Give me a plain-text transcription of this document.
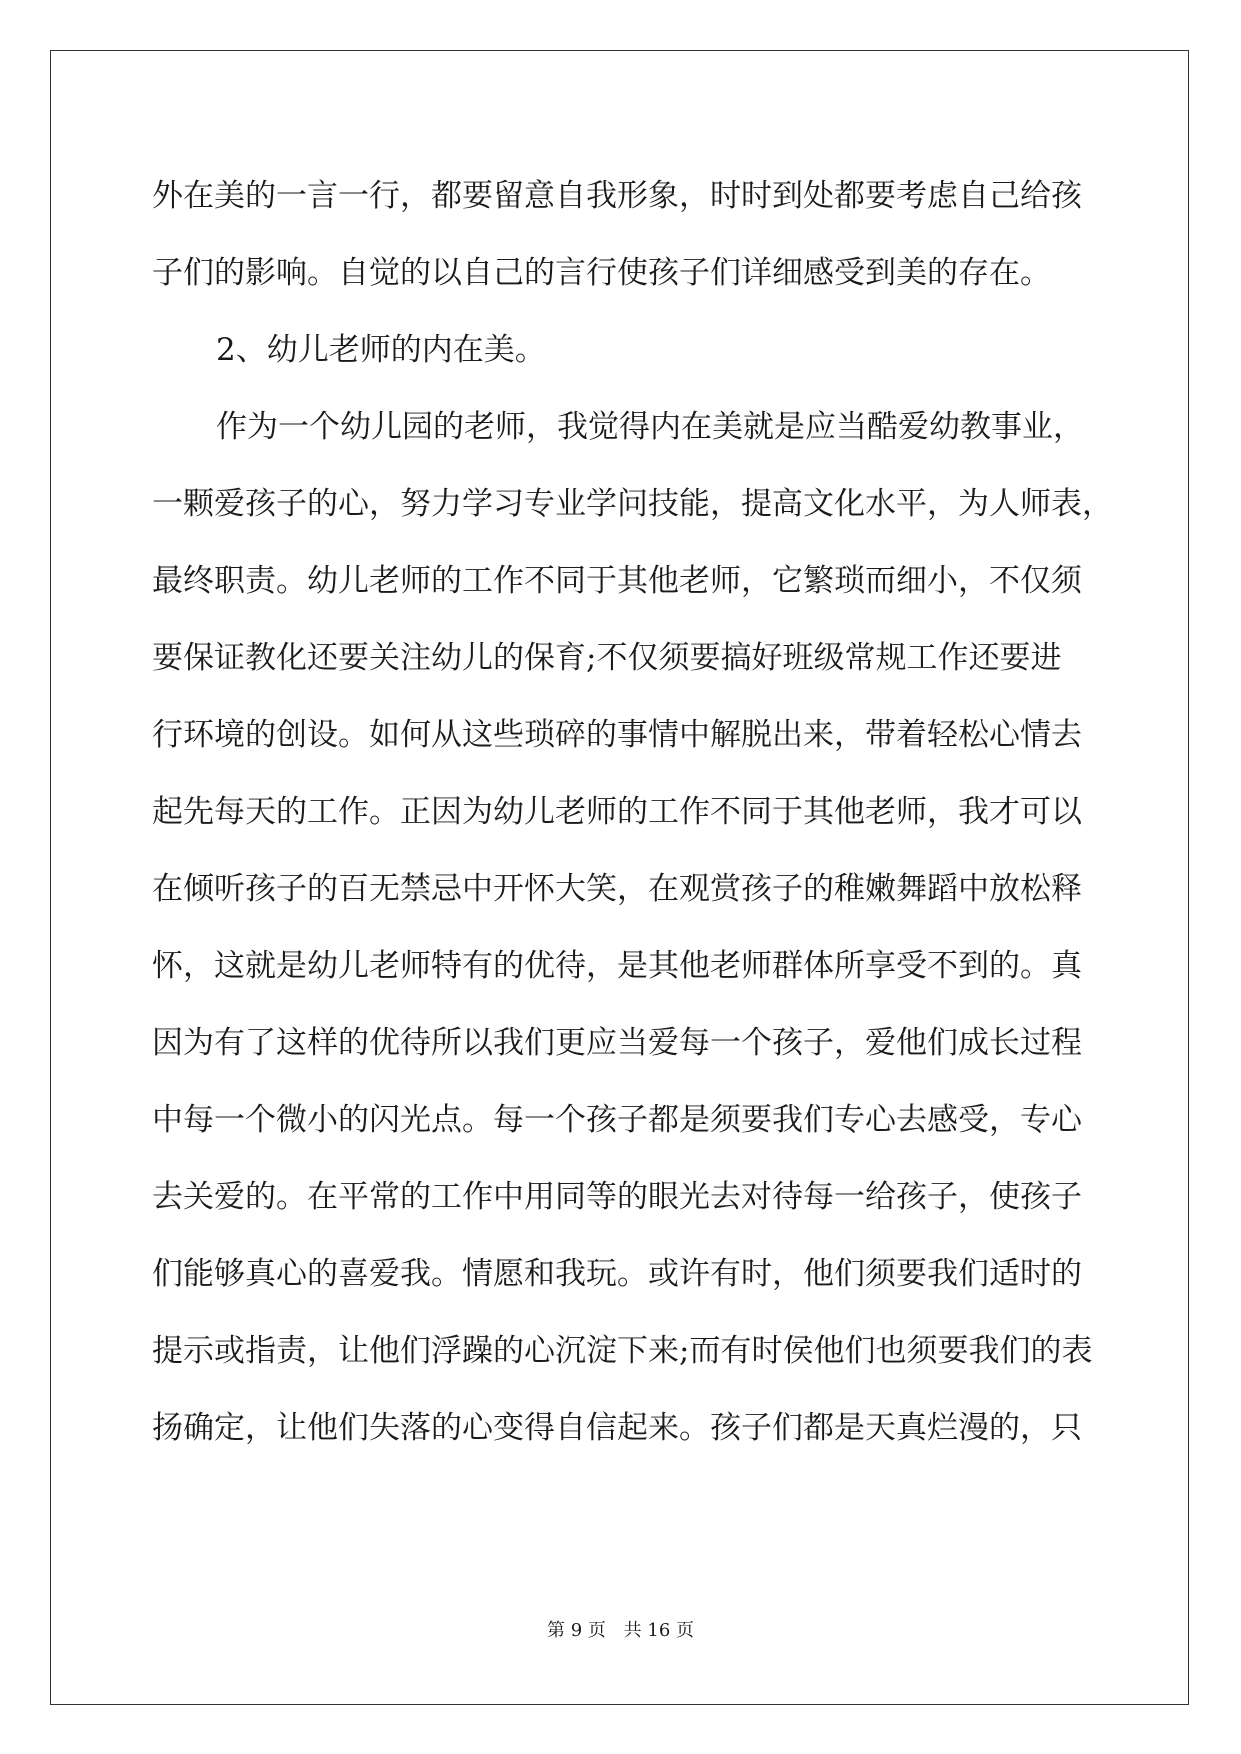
外在美的一言一行，都要留意自我形象，时时到处都要考虑自己给孩

子们的影响。自觉的以自己的言行使孩子们详细感受到美的存在。

2、幼儿老师的内在美。

作为一个幼儿园的老师，我觉得内在美就是应当酷爱幼教事业，

一颗爱孩子的心，努力学习专业学问技能，提高文化水平，为人师表，

最终职责。幼儿老师的工作不同于其他老师，它繁琐而细小，不仅须

要保证教化还要关注幼儿的保育;不仅须要搞好班级常规工作还要进

行环境的创设。如何从这些琐碎的事情中解脱出来，带着轻松心情去

起先每天的工作。正因为幼儿老师的工作不同于其他老师，我才可以

在倾听孩子的百无禁忌中开怀大笑，在观赏孩子的稚嫩舞蹈中放松释

怀，这就是幼儿老师特有的优待，是其他老师群体所享受不到的。真

因为有了这样的优待所以我们更应当爱每一个孩子，爱他们成长过程

中每一个微小的闪光点。每一个孩子都是须要我们专心去感受，专心

去关爱的。在平常的工作中用同等的眼光去对待每一给孩子，使孩子

们能够真心的喜爱我。情愿和我玩。或许有时，他们须要我们适时的

提示或指责，让他们浮躁的心沉淀下来;而有时侯他们也须要我们的表

扬确定，让他们失落的心变得自信起来。孩子们都是天真烂漫的，只

第 9 页 共 16 页
